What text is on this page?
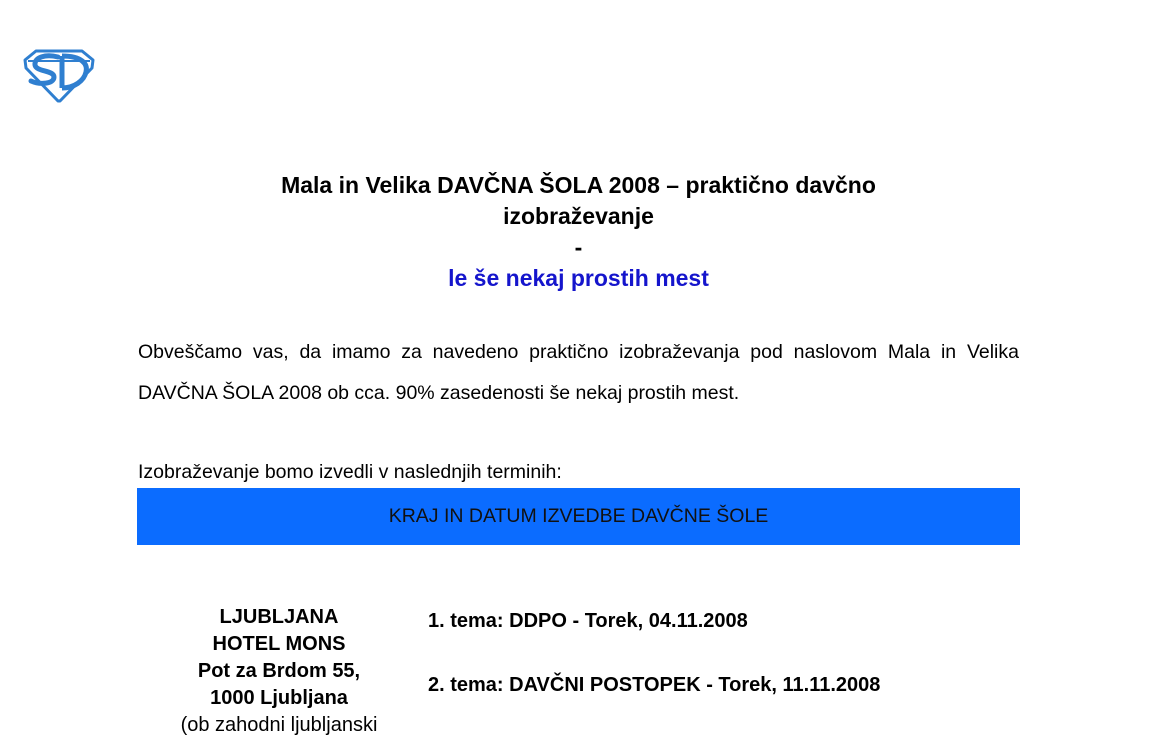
Mala in Velika DAVČNA ŠOLA 2008 – praktično davčno
izobraževanje
-
le še nekaj prostih mest
Obveščamo vas, da imamo za navedeno praktično izobraževanja pod naslovom Mala in Velika DAVČNA ŠOLA 2008 ob cca. 90% zasedenosti še nekaj prostih mest.
Izobraževanje bomo izvedli v naslednjih terminih:
KRAJ IN DATUM IZVEDBE DAVČNE ŠOLE
LJUBLJANA
HOTEL MONS
Pot za Brdom 55,
1000 Ljubljana
(ob zahodni ljubljanski
1. tema: DDPO - Torek, 04.11.2008
2. tema: DAVČNI POSTOPEK - Torek, 11.11.2008
